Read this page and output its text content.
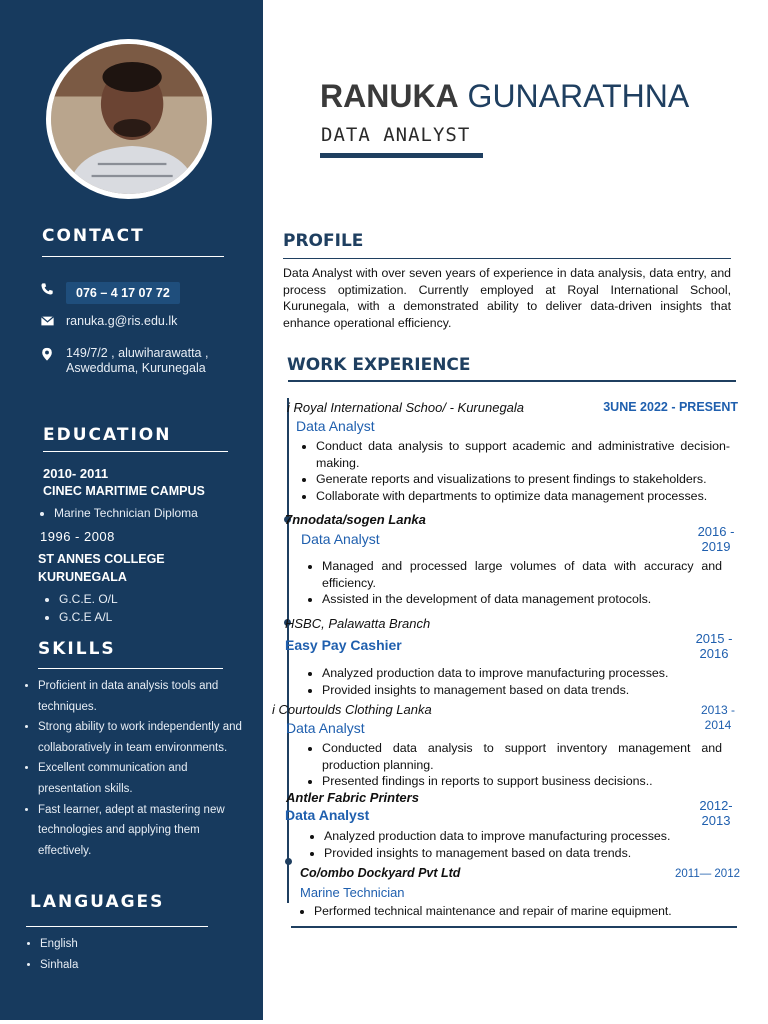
CONTACT
076 – 4 17 07 72
ranuka.g@ris.edu.lk
149/7/2 , aluwiharawatta ,
Aswedduma, Kurunegala
EDUCATION
2010- 2011
CINEC MARITIME CAMPUS
• Marine Technician Diploma
1996 - 2008
ST ANNES COLLEGE
KURUNEGALA
• G.C.E. O/L
• G.C.E A/L
SKILLS
• Proficient in data analysis tools and techniques.
• Strong ability to work independently and collaboratively in team environments.
• Excellent communication and presentation skills.
• Fast learner, adept at mastering new technologies and applying them effectively.
LANGUAGES
• English
• Sinhala
RANUKA GUNARATHNA
DATA ANALYST
PROFILE
Data Analyst with over seven years of experience in data analysis, data entry, and process optimization. Currently employed at Royal International School, Kurunegala, with a demonstrated ability to deliver data-driven insights that enhance operational efficiency.
WORK EXPERIENCE
i Royal International Schoo/ - Kurunegala	3UNE 2022 - PRESENT
Data Analyst
• Conduct data analysis to support academic and administrative decision-making.
• Generate reports and visualizations to present findings to stakeholders.
• Collaborate with departments to optimize data management processes.
7nnodata/sogen Lanka
2016 - 2019
Data Analyst
• Managed and processed large volumes of data with accuracy and efficiency.
• Assisted in the development of data management protocols.
HSBC, Palawatta Branch
2015 - 2016
Easy Pay Cashier
• Analyzed production data to improve manufacturing processes.
• Provided insights to management based on data trends.
i Courtoulds Clothing Lanka	2013 - 2014
Data Analyst
• Conducted data analysis to support inventory management and production planning.
• Presented findings in reports to support business decisions..
Antler Fabric Printers
2012- 2013
Data Analyst
• Analyzed production data to improve manufacturing processes.
• Provided insights to management based on data trends.
Co/ombo Dockyard Pvt Ltd	2011— 2012
Marine Technician
• Performed technical maintenance and repair of marine equipment.
